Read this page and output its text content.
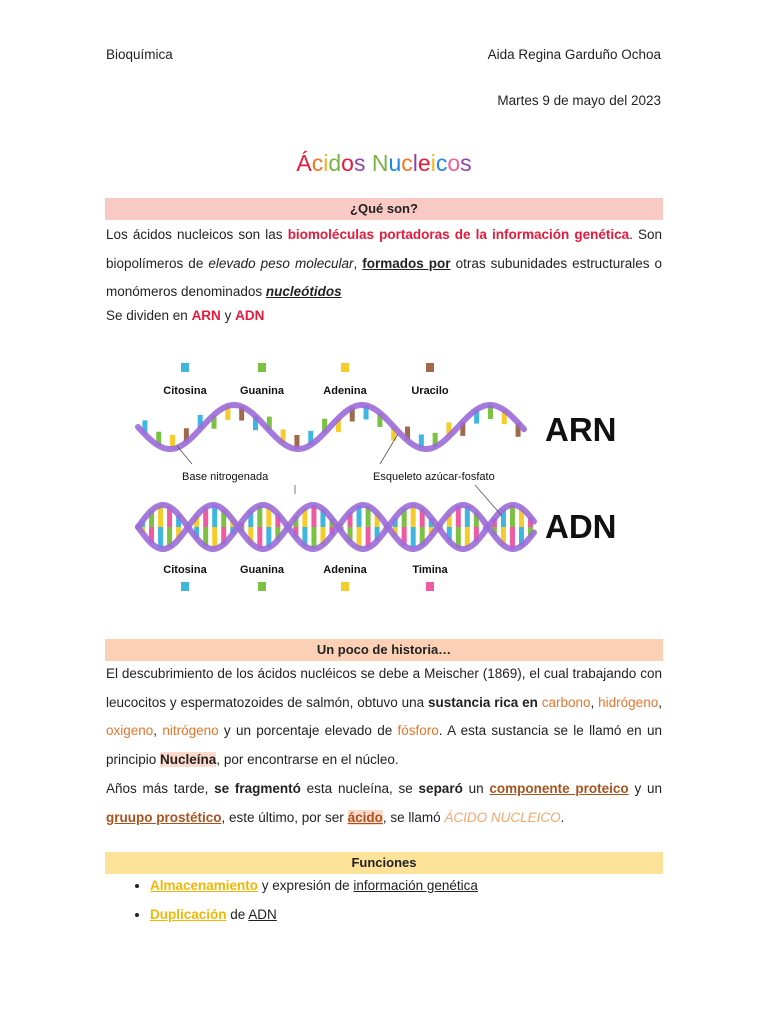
Bioquímica	Aida Regina Garduño Ochoa
Martes 9 de mayo del 2023
Ácidos Nucleicos
¿Qué son?
Los ácidos nucleicos son las biomoléculas portadoras de la información genética. Son biopolímeros de elevado peso molecular, formados por otras subunidades estructurales o monómeros denominados nucleótidos
Se dividen en ARN y ADN
Citosina	Guanina	Adenina	Uracilo
Citosina	Guanina	Adenina	Timina
ARN
ADN
Base nitrogenada	Esqueleto azúcar-fosfato
Un poco de historia…
El descubrimiento de los ácidos nucléicos se debe a Meischer (1869), el cual trabajando con leucocitos y espermatozoides de salmón, obtuvo una sustancia rica en carbono, hidrógeno, oxigeno, nitrógeno y un porcentaje elevado de fósforo. A esta sustancia se le llamó en un principio Nucleína, por encontrarse en el núcleo.
Años más tarde, se fragmentó esta nucleína, se separó un componente proteico y un gruupo prostético, este último, por ser ácido, se llamó ÁCIDO NUCLEICO.
Funciones
• Almacenamiento y expresión de información genética
• Duplicación de ADN
